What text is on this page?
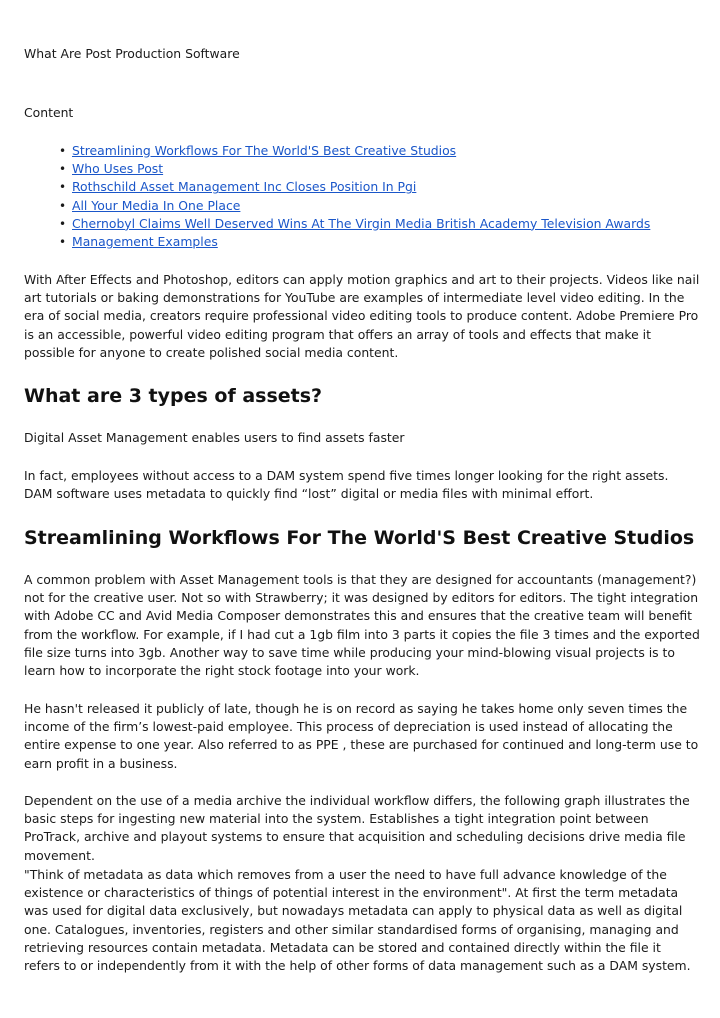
What Are Post Production Software

Content

• Streamlining Workflows For The World'S Best Creative Studios
• Who Uses Post
• Rothschild Asset Management Inc Closes Position In Pgi
• All Your Media In One Place
• Chernobyl Claims Well Deserved Wins At The Virgin Media British Academy Television Awards
• Management Examples

With After Effects and Photoshop, editors can apply motion graphics and art to their projects. Videos like nail art tutorials or baking demonstrations for YouTube are examples of intermediate level video editing. In the era of social media, creators require professional video editing tools to produce content. Adobe Premiere Pro is an accessible, powerful video editing program that offers an array of tools and effects that make it possible for anyone to create polished social media content.

What are 3 types of assets?

Digital Asset Management enables users to find assets faster

In fact, employees without access to a DAM system spend five times longer looking for the right assets. DAM software uses metadata to quickly find “lost” digital or media files with minimal effort.

Streamlining Workflows For The World'S Best Creative Studios

A common problem with Asset Management tools is that they are designed for accountants (management?) not for the creative user. Not so with Strawberry; it was designed by editors for editors. The tight integration with Adobe CC and Avid Media Composer demonstrates this and ensures that the creative team will benefit from the workflow. For example, if I had cut a 1gb film into 3 parts it copies the file 3 times and the exported file size turns into 3gb. Another way to save time while producing your mind-blowing visual projects is to learn how to incorporate the right stock footage into your work.

He hasn't released it publicly of late, though he is on record as saying he takes home only seven times the income of the firm’s lowest-paid employee. This process of depreciation is used instead of allocating the entire expense to one year. Also referred to as PPE , these are purchased for continued and long-term use to earn profit in a business.

Dependent on the use of a media archive the individual workflow differs, the following graph illustrates the basic steps for ingesting new material into the system. Establishes a tight integration point between ProTrack, archive and playout systems to ensure that acquisition and scheduling decisions drive media file movement.

"Think of metadata as data which removes from a user the need to have full advance knowledge of the existence or characteristics of things of potential interest in the environment". At first the term metadata was used for digital data exclusively, but nowadays metadata can apply to physical data as well as digital one. Catalogues, inventories, registers and other similar standardised forms of organising, managing and retrieving resources contain metadata. Metadata can be stored and contained directly within the file it refers to or independently from it with the help of other forms of data management such as a DAM system.
